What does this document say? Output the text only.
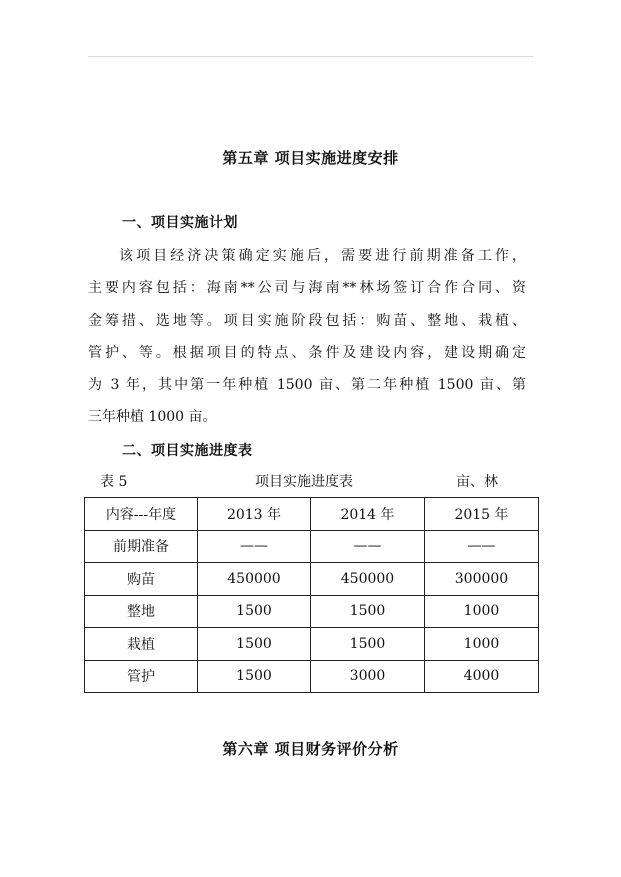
第五章 项目实施进度安排
一、项目实施计划

该项目经济决策确定实施后，需要进行前期准备工作，
主要内容包括：海南**公司与海南**林场签订合作合同、资
金筹措、选地等。项目实施阶段包括：购苗、整地、栽植、
管护、等。根据项目的特点、条件及建设内容，建设期确定
为 3 年，其中第一年种植 1500 亩、第二年种植 1500 亩、第
三年种植 1000 亩。

二、项目实施进度表
表 5	项目实施进度表	亩、林
内容---年度	2013 年	2014 年	2015 年
前期准备	——	——	——
购苗	450000	450000	300000
整地	1500	1500	1000
栽植	1500	1500	1000
管护	1500	3000	4000
第六章 项目财务评价分析
